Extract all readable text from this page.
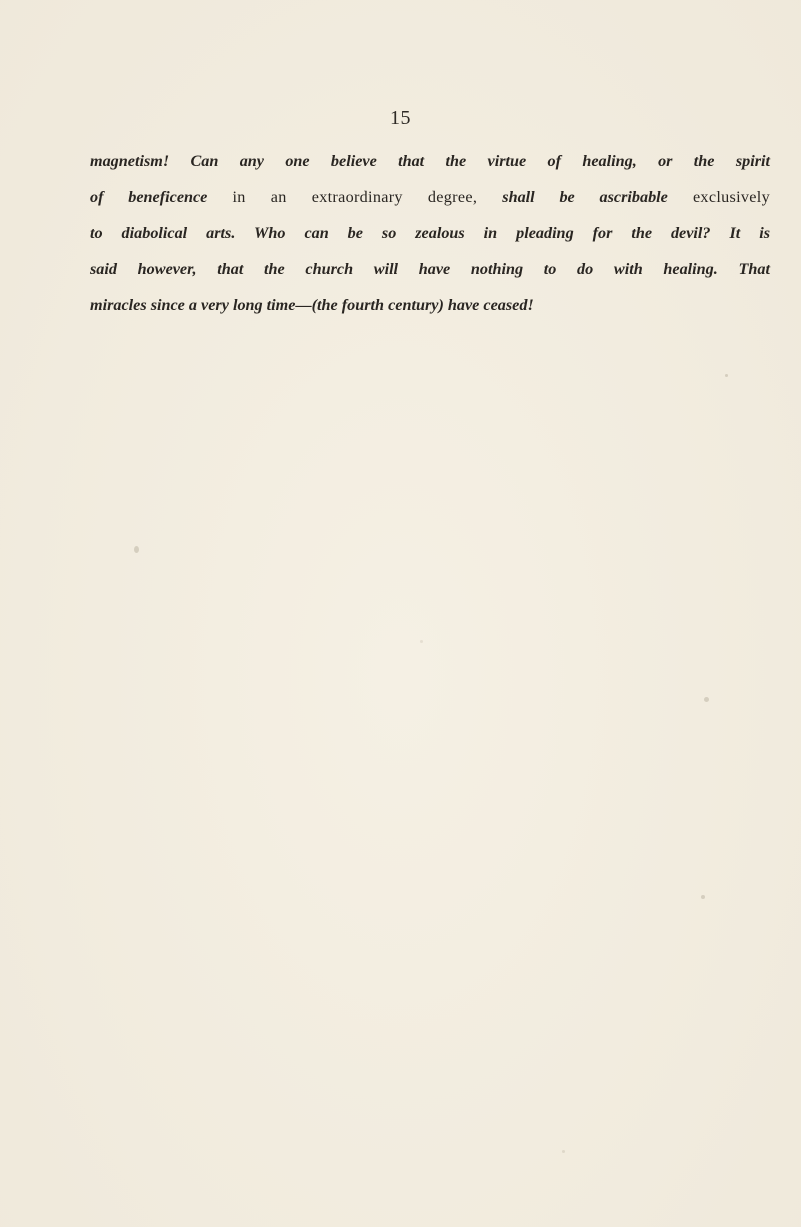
15

magnetism! Can any one believe that the virtue of healing, or the spirit
of beneficence in an extraordinary degree, shall be ascribable exclusively
to diabolical arts. Who can be so zealous in pleading for the devil? It is
said however, that the church will have nothing to do with healing. That
miracles since a very long time—(the fourth century) have ceased!
